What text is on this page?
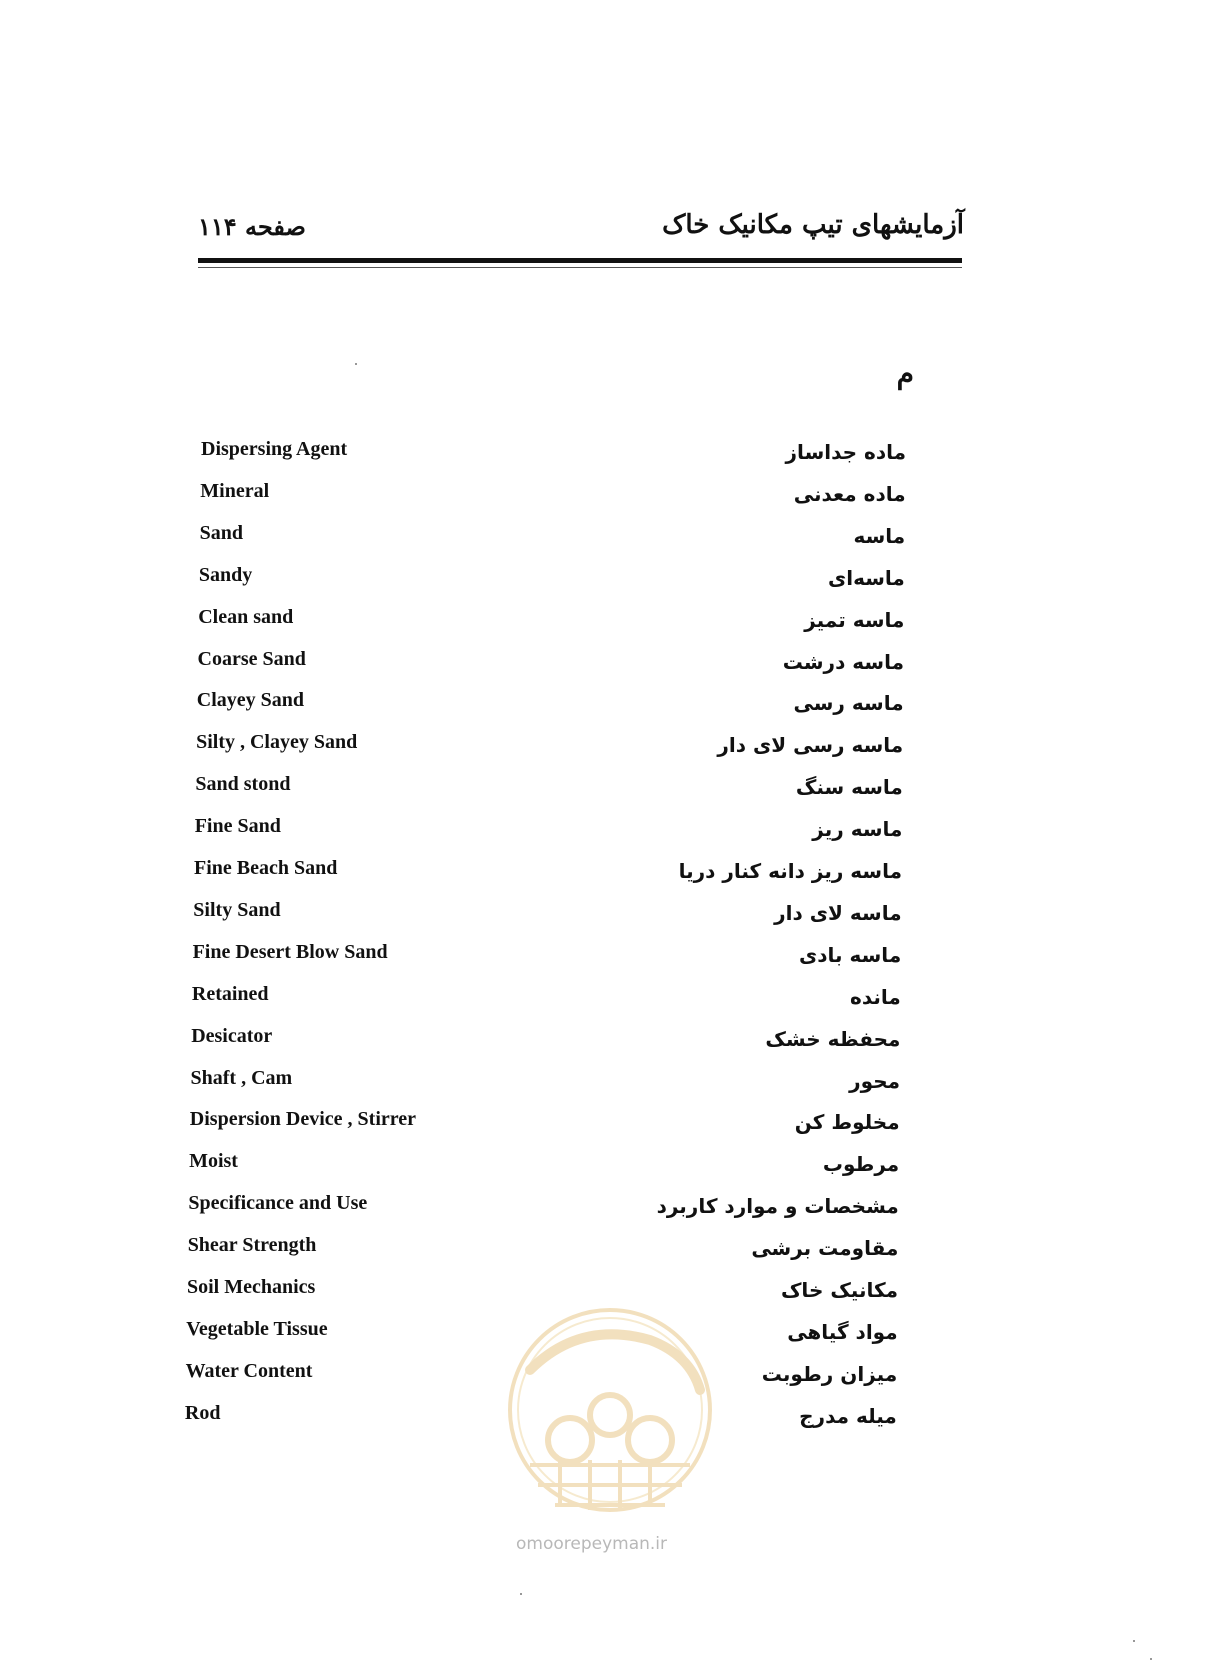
آزمایشهای تیپ مکانیک خاک
صفحه ۱۱۴
م
Dispersing Agent	ماده جداساز
Mineral	ماده معدنی
Sand	ماسه
Sandy	ماسه‌ای
Clean sand	ماسه تمیز
Coarse Sand	ماسه درشت
Clayey Sand	ماسه رسی
Silty , Clayey Sand	ماسه رسی لای دار
Sand stond	ماسه سنگ
Fine Sand	ماسه ریز
Fine Beach Sand	ماسه ریز دانه کنار دریا
Silty Sand	ماسه لای دار
Fine Desert Blow Sand	ماسه بادی
Retained	مانده
Desicator	محفظه خشک
Shaft , Cam	محور
Dispersion Device , Stirrer	مخلوط کن
Moist	مرطوب
Specificance and Use	مشخصات و موارد کاربرد
Shear Strength	مقاومت برشی
Soil Mechanics	مکانیک خاک
Vegetable Tissue	مواد گیاهی
Water Content	میزان رطوبت
Rod	میله مدرج
omoorepeyman.ir
